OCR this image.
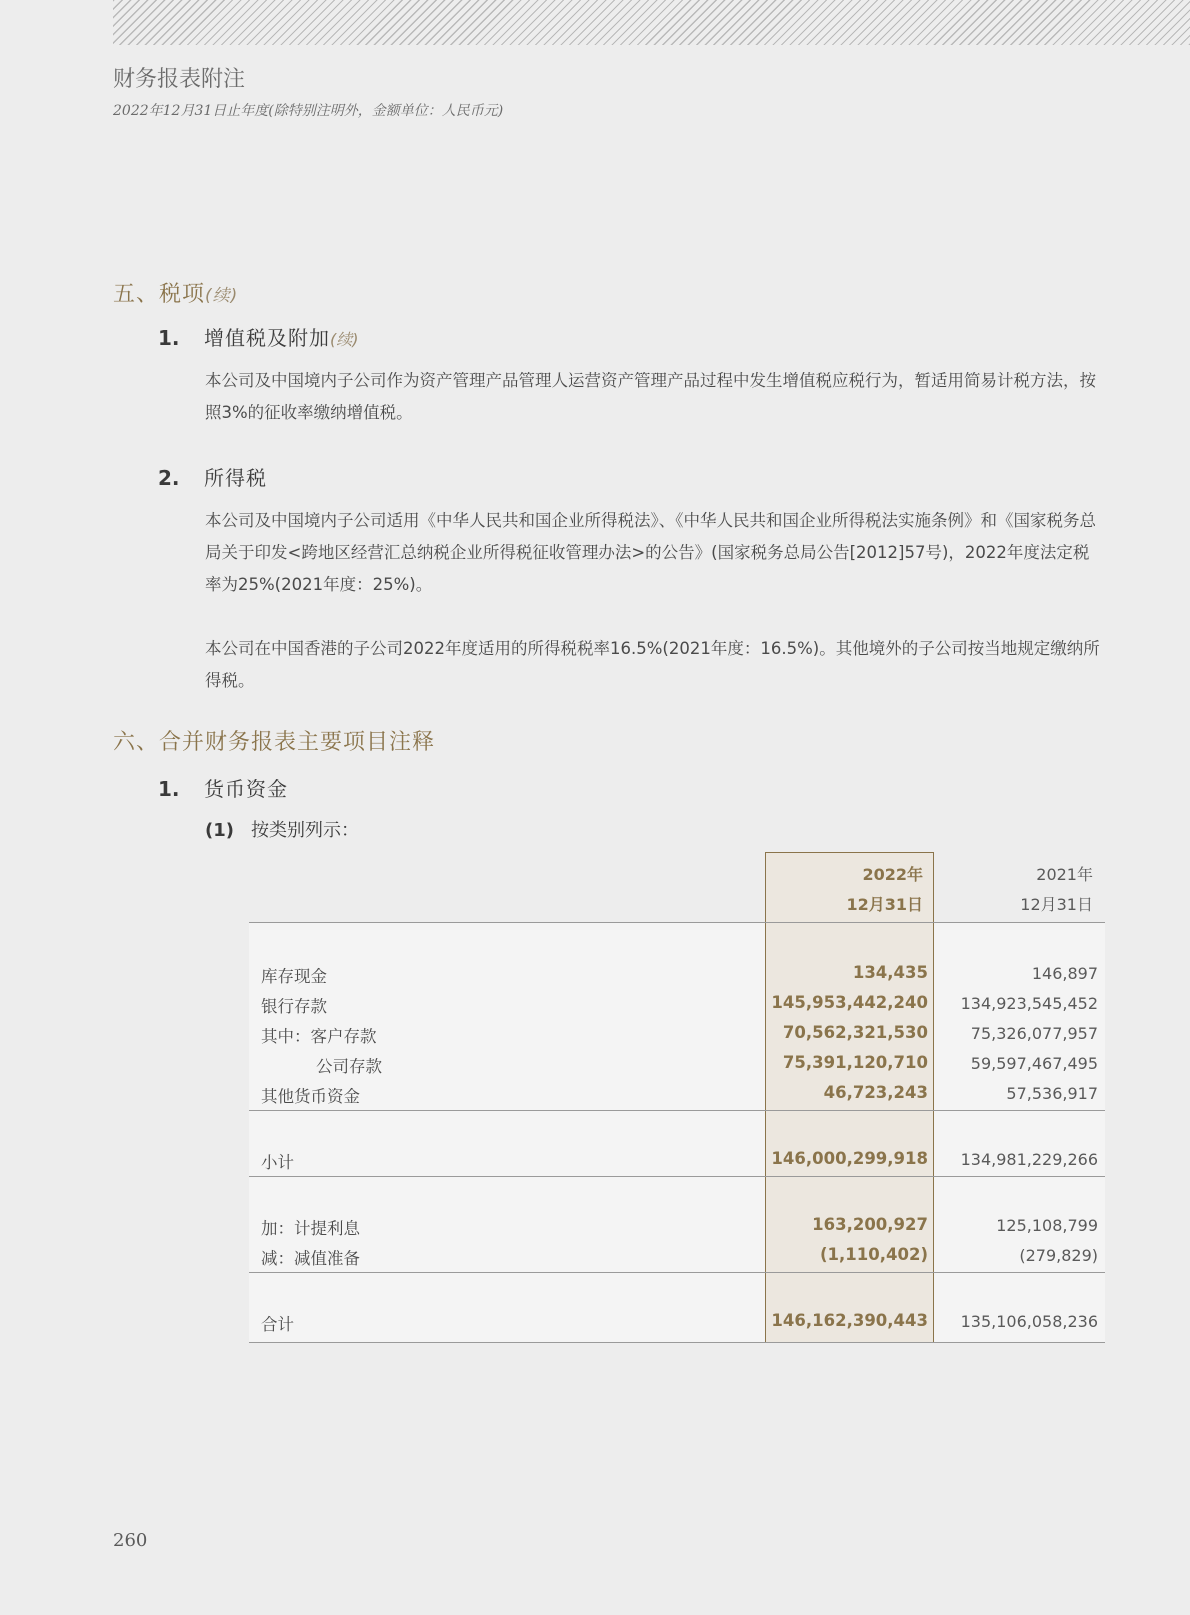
财务报表附注
2022年12月31日止年度(除特别注明外，金额单位：人民币元)
五、税项(续)
1. 增值税及附加(续)

本公司及中国境内子公司作为资产管理产品管理人运营资产管理产品过程中发生增值税应税行为，暂适用简易计税方法，按照3%的征收率缴纳增值税。

2. 所得税

本公司及中国境内子公司适用《中华人民共和国企业所得税法》、《中华人民共和国企业所得税法实施条例》和《国家税务总局关于印发<跨地区经营汇总纳税企业所得税征收管理办法>的公告》(国家税务总局公告[2012]57号)，2022年度法定税率为25%(2021年度：25%)。

本公司在中国香港的子公司2022年度适用的所得税税率16.5%(2021年度：16.5%)。其他境外的子公司按当地规定缴纳所得税。

六、合并财务报表主要项目注释
1. 货币资金
(1) 按类别列示：
2022年
12月31日
2021年
12月31日
库存现金	134,435	146,897
银行存款	145,953,442,240	134,923,545,452
其中：客户存款	70,562,321,530	75,326,077,957
公司存款	75,391,120,710	59,597,467,495
其他货币资金	46,723,243	57,536,917
小计	146,000,299,918	134,981,229,266
加：计提利息	163,200,927	125,108,799
减：减值准备	(1,110,402)	(279,829)
合计	146,162,390,443	135,106,058,236
260
